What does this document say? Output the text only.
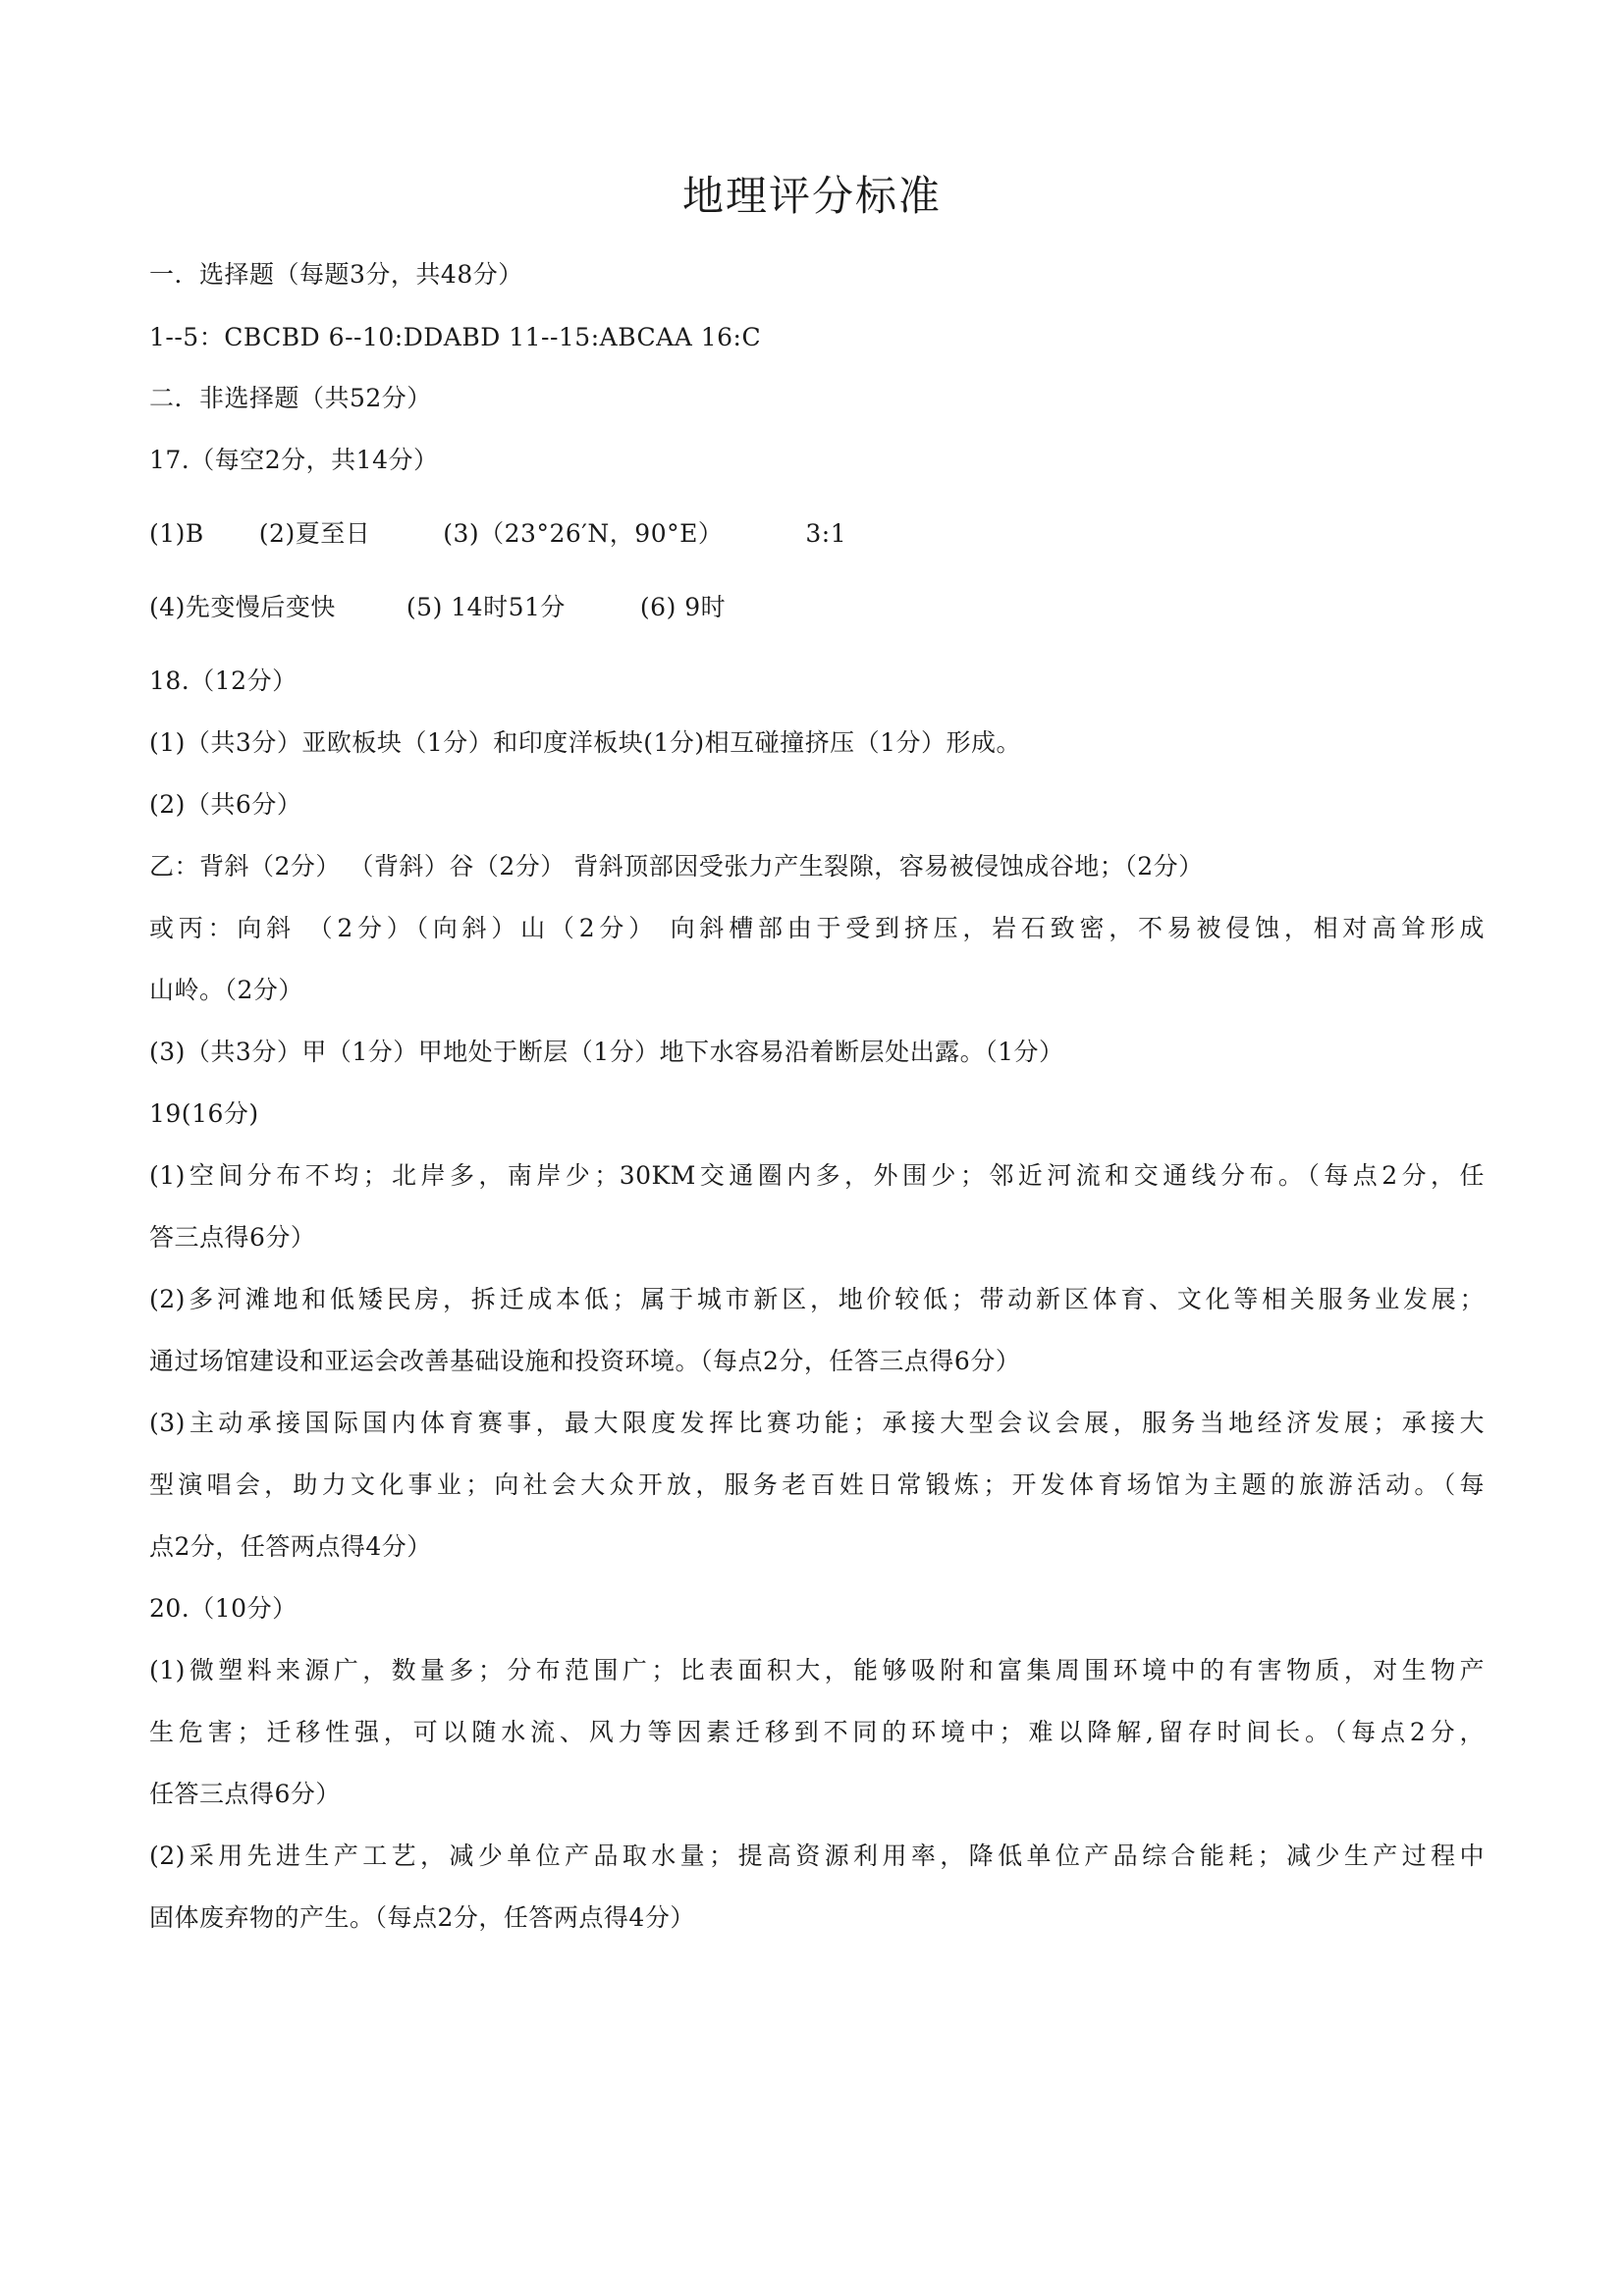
地理评分标准
一．选择题（每题3分，共48分）
1--5：CBCBD 6--10:DDABD 11--15:ABCAA 16:C
二．非选择题（共52分）
17.（每空2分，共14分）
(1)B (2)夏至日	(3)（23°26′N，90°E）	3:1
(4)先变慢后变快	(5) 14时51分	(6) 9时
18.（12分）
(1)（共3分）亚欧板块（1分）和印度洋板块(1分)相互碰撞挤压（1分）形成。
(2)（共6分）
乙：背斜（2分） （背斜）谷（2分） 背斜顶部因受张力产生裂隙，容易被侵蚀成谷地；（2分）
或丙：向斜 （2分）（向斜）山（2分） 向斜槽部由于受到挤压，岩石致密，不易被侵蚀，相对高耸形成
山岭。（2分）
(3)（共3分）甲（1分）甲地处于断层（1分）地下水容易沿着断层处出露。（1分）
19(16分)
(1)空间分布不均；北岸多，南岸少；30KM交通圈内多，外围少；邻近河流和交通线分布。（每点2分，任
答三点得6分）
(2)多河滩地和低矮民房，拆迁成本低；属于城市新区，地价较低；带动新区体育、文化等相关服务业发展；
通过场馆建设和亚运会改善基础设施和投资环境。（每点2分，任答三点得6分）
(3)主动承接国际国内体育赛事，最大限度发挥比赛功能；承接大型会议会展，服务当地经济发展；承接大
型演唱会，助力文化事业；向社会大众开放，服务老百姓日常锻炼；开发体育场馆为主题的旅游活动。（每
点2分，任答两点得4分）
20.（10分）
(1)微塑料来源广，数量多；分布范围广；比表面积大，能够吸附和富集周围环境中的有害物质，对生物产
生危害；迁移性强，可以随水流、风力等因素迁移到不同的环境中；难以降解,留存时间长。（每点2分，
任答三点得6分）
(2)采用先进生产工艺，减少单位产品取水量；提高资源利用率，降低单位产品综合能耗；减少生产过程中
固体废弃物的产生。（每点2分，任答两点得4分）
